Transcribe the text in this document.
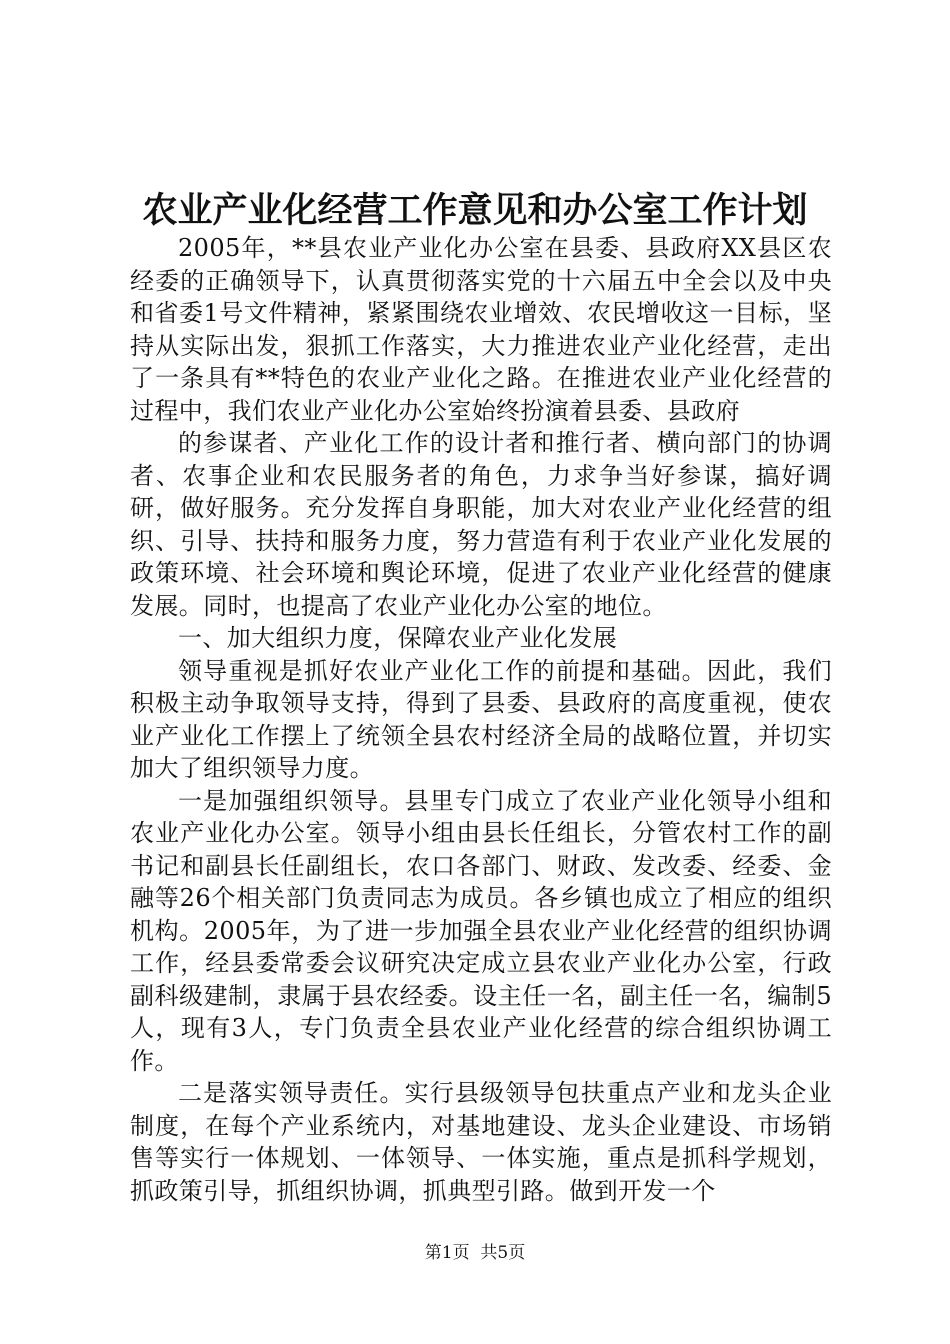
农业产业化经营工作意见和办公室工作计划

2005年，**县农业产业化办公室在县委、县政府XX县区农经委的正确领导下，认真贯彻落实党的十六届五中全会以及中央和省委1号文件精神，紧紧围绕农业增效、农民增收这一目标，坚持从实际出发，狠抓工作落实，大力推进农业产业化经营，走出了一条具有**特色的农业产业化之路。在推进农业产业化经营的过程中，我们农业产业化办公室始终扮演着县委、县政府

的参谋者、产业化工作的设计者和推行者、横向部门的协调者、农事企业和农民服务者的角色，力求争当好参谋，搞好调研，做好服务。充分发挥自身职能，加大对农业产业化经营的组织、引导、扶持和服务力度，努力营造有利于农业产业化发展的政策环境、社会环境和舆论环境，促进了农业产业化经营的健康发展。同时，也提高了农业产业化办公室的地位。

一、加大组织力度，保障农业产业化发展

领导重视是抓好农业产业化工作的前提和基础。因此，我们积极主动争取领导支持，得到了县委、县政府的高度重视，使农业产业化工作摆上了统领全县农村经济全局的战略位置，并切实加大了组织领导力度。

一是加强组织领导。县里专门成立了农业产业化领导小组和农业产业化办公室。领导小组由县长任组长，分管农村工作的副书记和副县长任副组长，农口各部门、财政、发改委、经委、金融等26个相关部门负责同志为成员。各乡镇也成立了相应的组织机构。2005年，为了进一步加强全县农业产业化经营的组织协调工作，经县委常委会议研究决定成立县农业产业化办公室，行政副科级建制，隶属于县农经委。设主任一名，副主任一名，编制5人，现有3人，专门负责全县农业产业化经营的综合组织协调工作。

二是落实领导责任。实行县级领导包扶重点产业和龙头企业制度，在每个产业系统内，对基地建设、龙头企业建设、市场销售等实行一体规划、一体领导、一体实施，重点是抓科学规划，抓政策引导，抓组织协调，抓典型引路。做到开发一个

第1页  共5页
